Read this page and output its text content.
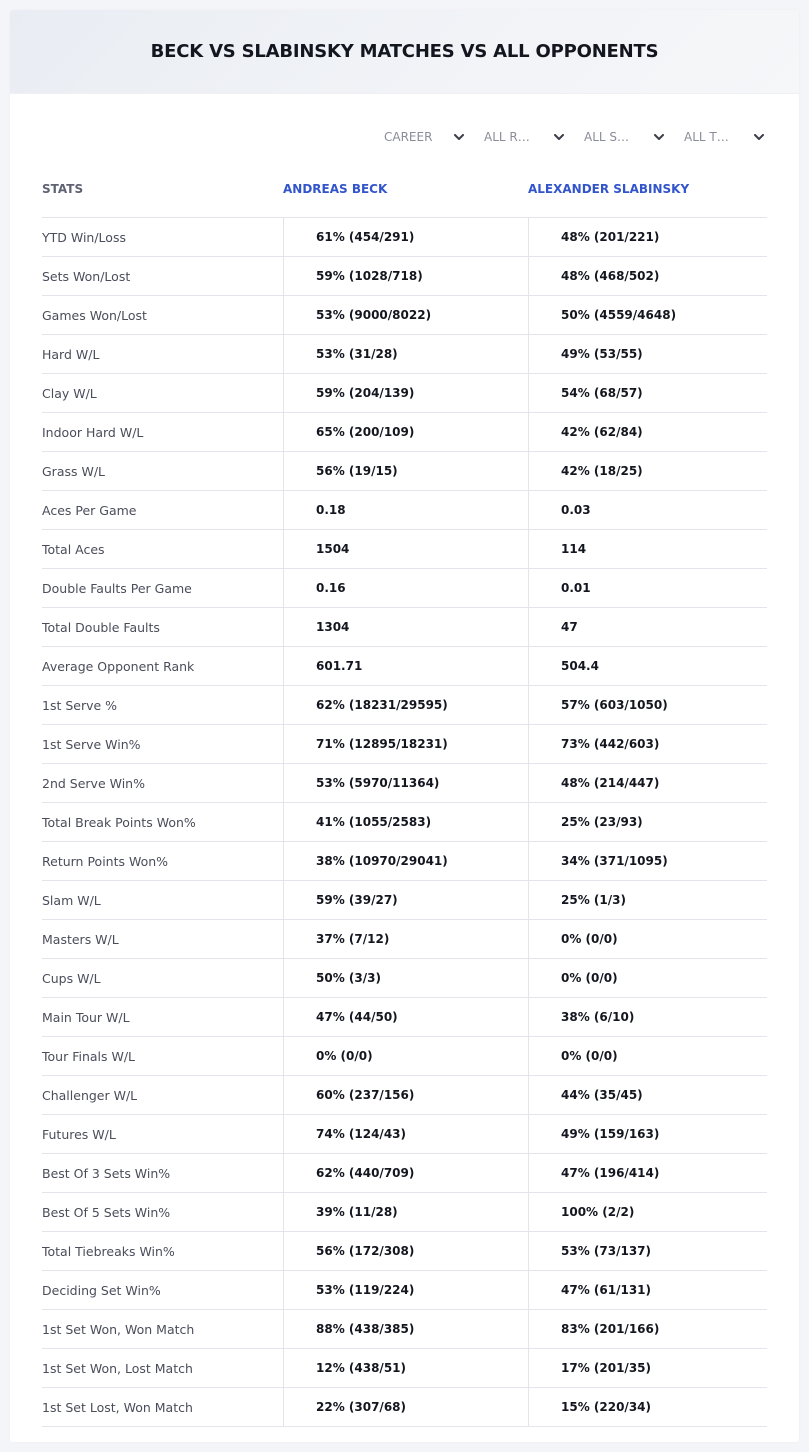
BECK VS SLABINSKY MATCHES VS ALL OPPONENTS
CAREER	ALL R…	ALL S…	ALL T…
STATS	ANDREAS BECK	ALEXANDER SLABINSKY
YTD Win/Loss	61% (454/291)	48% (201/221)
Sets Won/Lost	59% (1028/718)	48% (468/502)
Games Won/Lost	53% (9000/8022)	50% (4559/4648)
Hard W/L	53% (31/28)	49% (53/55)
Clay W/L	59% (204/139)	54% (68/57)
Indoor Hard W/L	65% (200/109)	42% (62/84)
Grass W/L	56% (19/15)	42% (18/25)
Aces Per Game	0.18	0.03
Total Aces	1504	114
Double Faults Per Game	0.16	0.01
Total Double Faults	1304	47
Average Opponent Rank	601.71	504.4
1st Serve %	62% (18231/29595)	57% (603/1050)
1st Serve Win%	71% (12895/18231)	73% (442/603)
2nd Serve Win%	53% (5970/11364)	48% (214/447)
Total Break Points Won%	41% (1055/2583)	25% (23/93)
Return Points Won%	38% (10970/29041)	34% (371/1095)
Slam W/L	59% (39/27)	25% (1/3)
Masters W/L	37% (7/12)	0% (0/0)
Cups W/L	50% (3/3)	0% (0/0)
Main Tour W/L	47% (44/50)	38% (6/10)
Tour Finals W/L	0% (0/0)	0% (0/0)
Challenger W/L	60% (237/156)	44% (35/45)
Futures W/L	74% (124/43)	49% (159/163)
Best Of 3 Sets Win%	62% (440/709)	47% (196/414)
Best Of 5 Sets Win%	39% (11/28)	100% (2/2)
Total Tiebreaks Win%	56% (172/308)	53% (73/137)
Deciding Set Win%	53% (119/224)	47% (61/131)
1st Set Won, Won Match	88% (438/385)	83% (201/166)
1st Set Won, Lost Match	12% (438/51)	17% (201/35)
1st Set Lost, Won Match	22% (307/68)	15% (220/34)
